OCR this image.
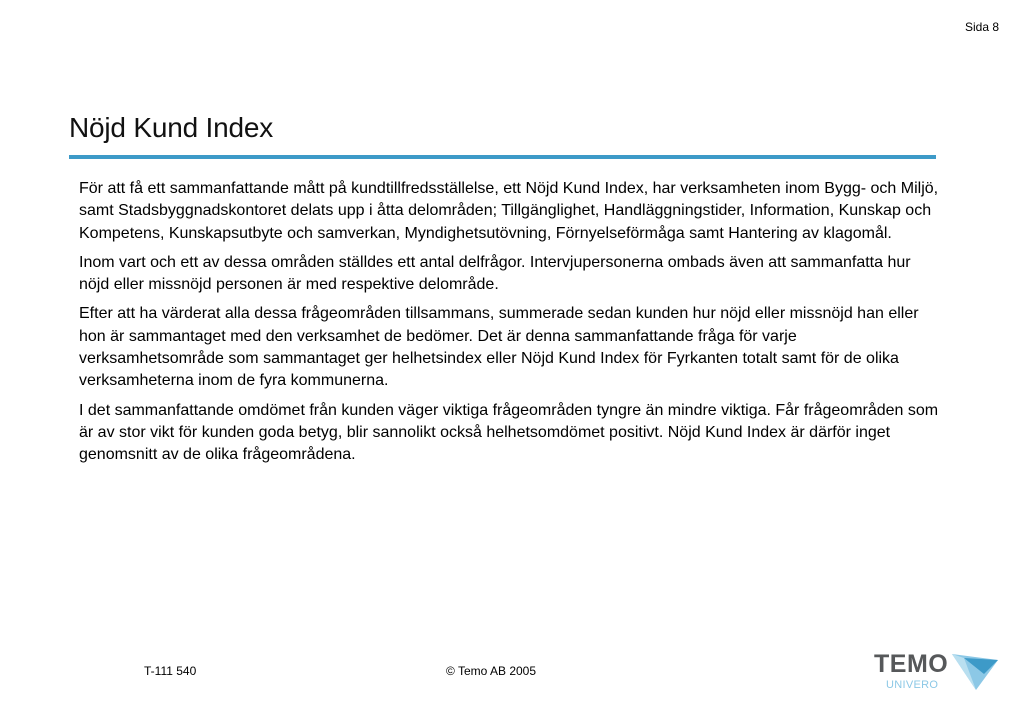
Sida 8
Nöjd Kund Index

För att få ett sammanfattande mått på kundtillfredsställelse, ett Nöjd Kund Index, har verksamheten inom Bygg- och Miljö, samt Stadsbyggnadskontoret delats upp i åtta delområden; Tillgänglighet, Handläggningstider, Information, Kunskap och Kompetens, Kunskapsutbyte och samverkan, Myndighetsutövning, Förnyelseförmåga samt Hantering av klagomål.

Inom vart och ett av dessa områden ställdes ett antal delfrågor. Intervjupersonerna ombads även att sammanfatta hur nöjd eller missnöjd personen är med respektive delområde.

Efter att ha värderat alla dessa frågeområden tillsammans, summerade sedan kunden hur nöjd eller missnöjd han eller hon är sammantaget med den verksamhet de bedömer. Det är denna sammanfattande fråga för varje verksamhetsområde som sammantaget ger helhetsindex eller Nöjd Kund Index för Fyrkanten totalt samt för de olika verksamheterna inom de fyra kommunerna.

I det sammanfattande omdömet från kunden väger viktiga frågeområden tyngre än mindre viktiga. Får frågeområden som är av stor vikt för kunden goda betyg, blir sannolikt också helhetsomdömet positivt. Nöjd Kund Index är därför inget genomsnitt av de olika frågeområdena.

T-111 540	© Temo AB 2005	TEMO
UNIVERO
